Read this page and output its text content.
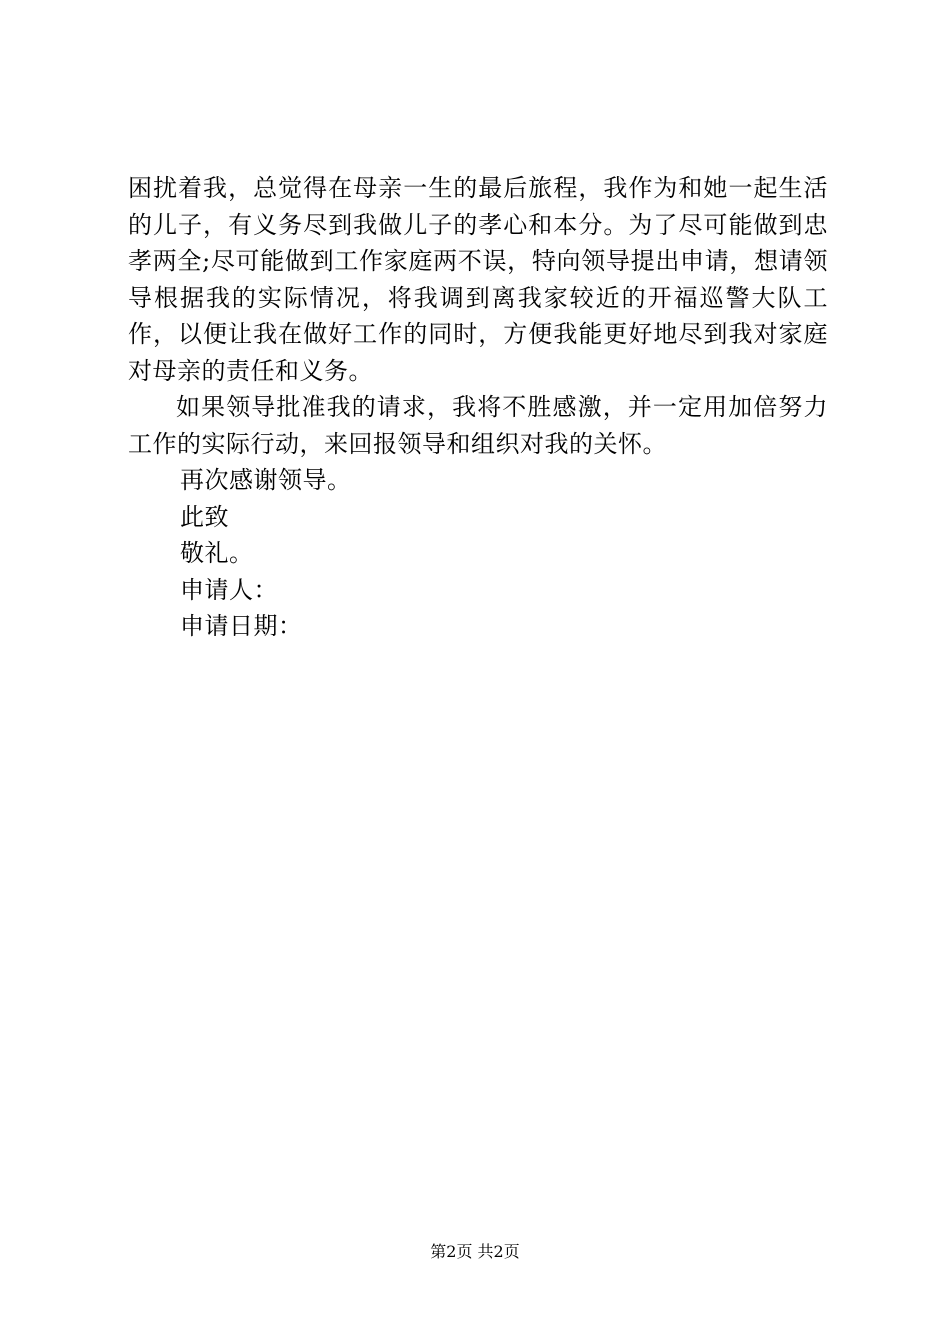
困扰着我，总觉得在母亲一生的最后旅程，我作为和她一起生活的儿子，有义务尽到我做儿子的孝心和本分。为了尽可能做到忠孝两全;尽可能做到工作家庭两不误，特向领导提出申请，想请领导根据我的实际情况，将我调到离我家较近的开福巡警大队工作，以便让我在做好工作的同时，方便我能更好地尽到我对家庭对母亲的责任和义务。

如果领导批准我的请求，我将不胜感激，并一定用加倍努力工作的实际行动，来回报领导和组织对我的关怀。

再次感谢领导。

此致

敬礼。

申请人：

申请日期：

第2页 共2页
